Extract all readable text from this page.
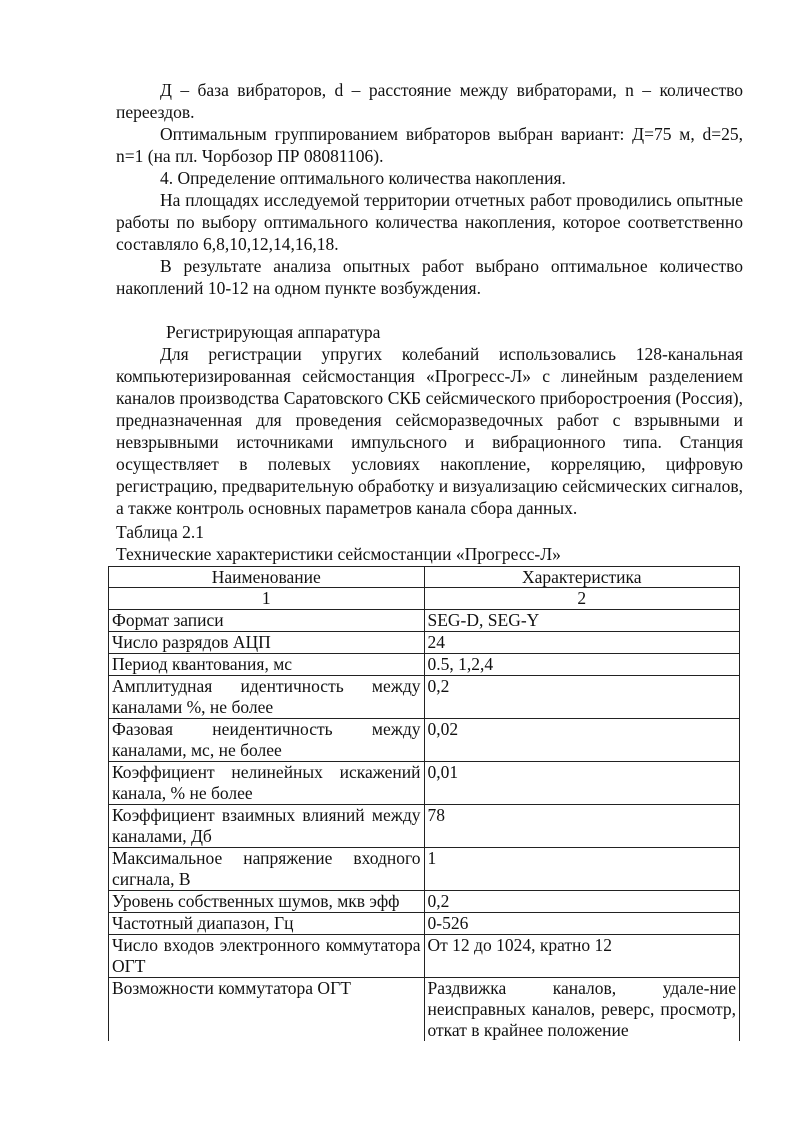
Д – база вибраторов, d – расстояние между вибраторами, n – количество переездов.

Оптимальным группированием вибраторов выбран вариант: Д=75 м, d=25, n=1 (на пл. Чорбозор ПР 08081106).

4. Определение оптимального количества накопления.

На площадях исследуемой территории отчетных работ проводились опытные работы по выбору оптимального количества накопления, которое соответственно составляло 6,8,10,12,14,16,18.

В результате анализа опытных работ выбрано оптимальное количество накоплений 10-12 на одном пункте возбуждения.

Регистрирующая аппаратура

Для регистрации упругих колебаний использовались 128-канальная компьютеризированная сейсмостанция «Прогресс-Л» с линейным разделением каналов производства Саратовского СКБ сейсмического приборостроения (Россия), предназначенная для проведения сейсморазведочных работ с взрывными и невзрывными источниками импульсного и вибрационного типа. Станция осуществляет в полевых условиях накопление, корреляцию, цифровую регистрацию, предварительную обработку и визуализацию сейсмических сигналов, а также контроль основных параметров канала сбора данных.

Таблица 2.1

Технические характеристики сейсмостанции «Прогресс-Л»

Наименование	Характеристика
1	2
Формат записи	SEG-D, SEG-Y
Число разрядов АЦП	24
Период квантования, мс	0.5, 1,2,4
Амплитудная идентичность между каналами %, не более	0,2
Фазовая неидентичность между каналами, мс, не более	0,02
Коэффициент нелинейных искажений канала, % не более	0,01
Коэффициент взаимных влияний между каналами, Дб	78
Максимальное напряжение входного сигнала, В	1
Уровень собственных шумов, мкв эфф	0,2
Частотный диапазон, Гц	0-526
Число входов электронного коммутатора ОГТ	От 12 до 1024, кратно 12
Возможности коммутатора ОГТ	Раздвижка каналов, удале-ние неисправных каналов, реверс, просмотр, откат в крайнее положение
